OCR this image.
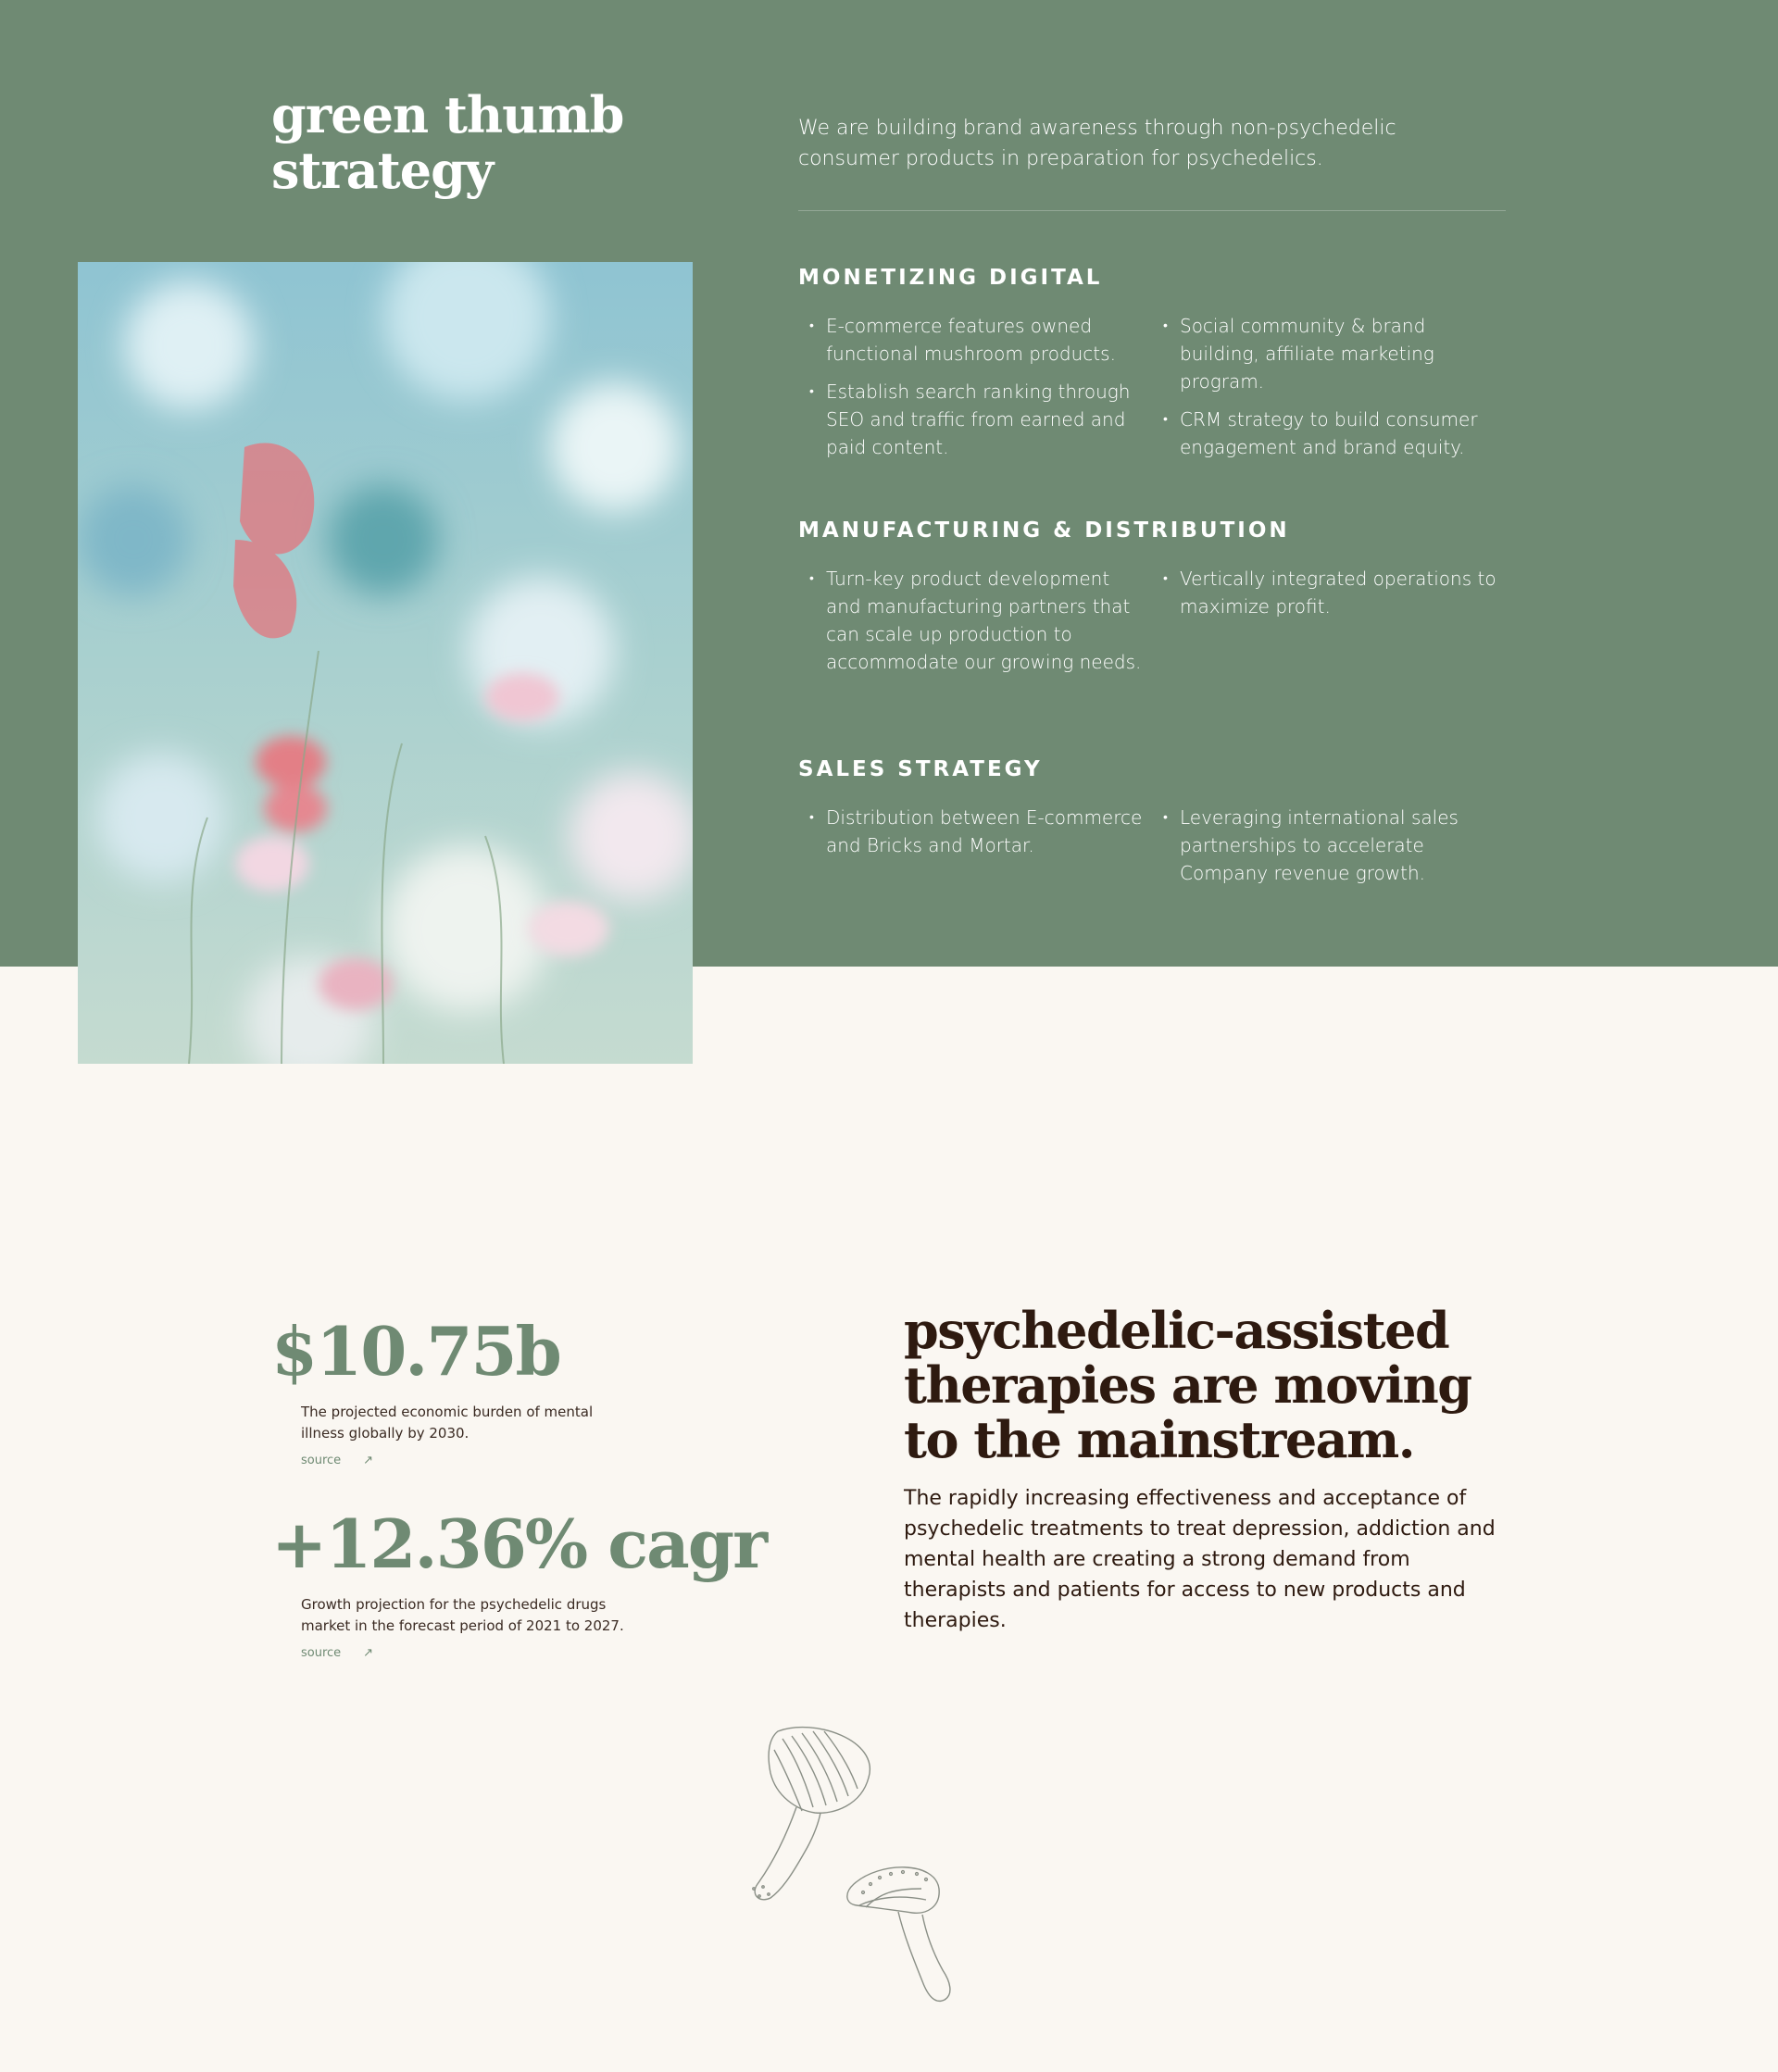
green thumb strategy

We are building brand awareness through non-psychedelic consumer products in preparation for psychedelics.

MONETIZING DIGITAL
• E-commerce features owned functional mushroom products.
• Establish search ranking through SEO and traffic from earned and paid content.
• Social community & brand building, affiliate marketing program.
• CRM strategy to build consumer engagement and brand equity.
MANUFACTURING & DISTRIBUTION
• Turn-key product development and manufacturing partners that can scale up production to accommodate our growing needs.
• Vertically integrated operations to maximize profit.
SALES STRATEGY
• Distribution between E-commerce and Bricks and Mortar.
• Leveraging international sales partnerships to accelerate Company revenue growth.
$10.75b

The projected economic burden of mental illness globally by 2030.

source ↗
+12.36% cagr

Growth projection for the psychedelic drugs market in the forecast period of 2021 to 2027.

source ↗
psychedelic-assisted therapies are moving to the mainstream.

The rapidly increasing effectiveness and acceptance of psychedelic treatments to treat depression, addiction and mental health are creating a strong demand from therapists and patients for access to new products and therapies.
